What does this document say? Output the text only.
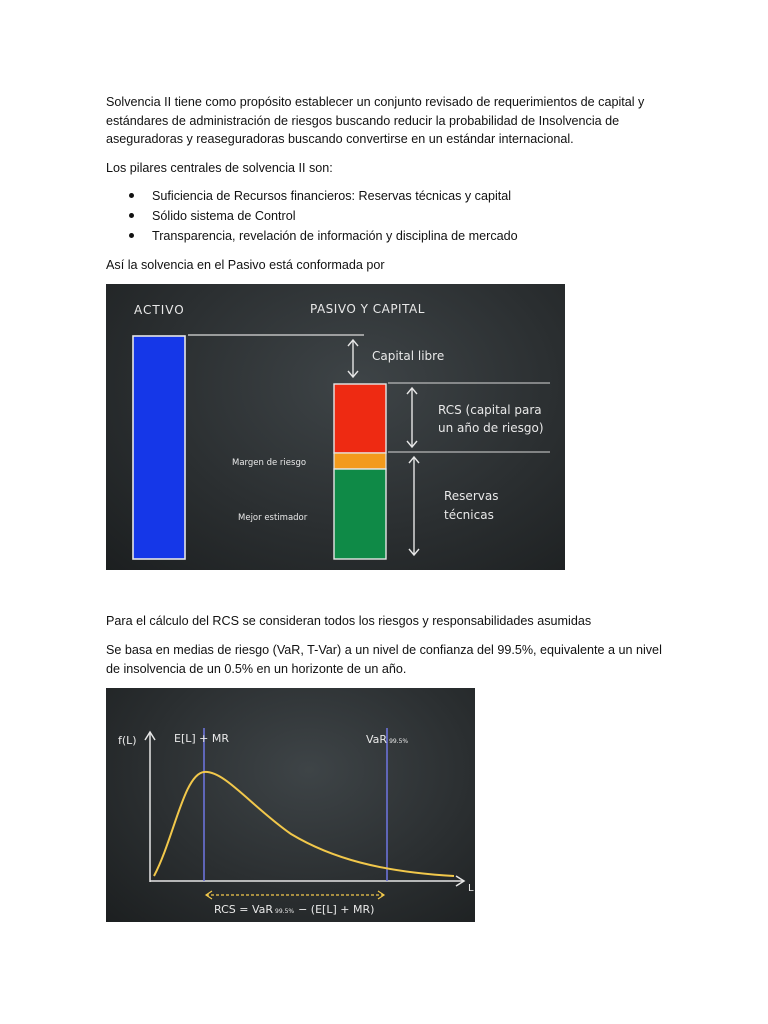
Solvencia II tiene como propósito establecer un conjunto revisado de requerimientos de capital y estándares de administración de riesgos buscando reducir la probabilidad de Insolvencia de aseguradoras y reaseguradoras buscando convertirse en un estándar internacional.

Los pilares centrales de solvencia II son:

Suficiencia de Recursos financieros: Reservas técnicas y capital
Sólido sistema de Control
Transparencia, revelación de información y disciplina de mercado

Así la solvencia en el Pasivo está conformada por

ACTIVO	PASIVO Y CAPITAL
Capital libre
RCS (capital para
un año de riesgo)
Margen de riesgo
Mejor estimador
Reservas
técnicas

Para el cálculo del RCS se consideran todos los riesgos y responsabilidades asumidas

Se basa en medias de riesgo (VaR, T-Var) a un nivel de confianza del 99.5%, equivalente a un nivel de insolvencia de un 0.5% en un horizonte de un año.

f(L)
L
E[L] + MR	VaR 99.5%
RCS = VaR 99.5% − (E[L] + MR)
